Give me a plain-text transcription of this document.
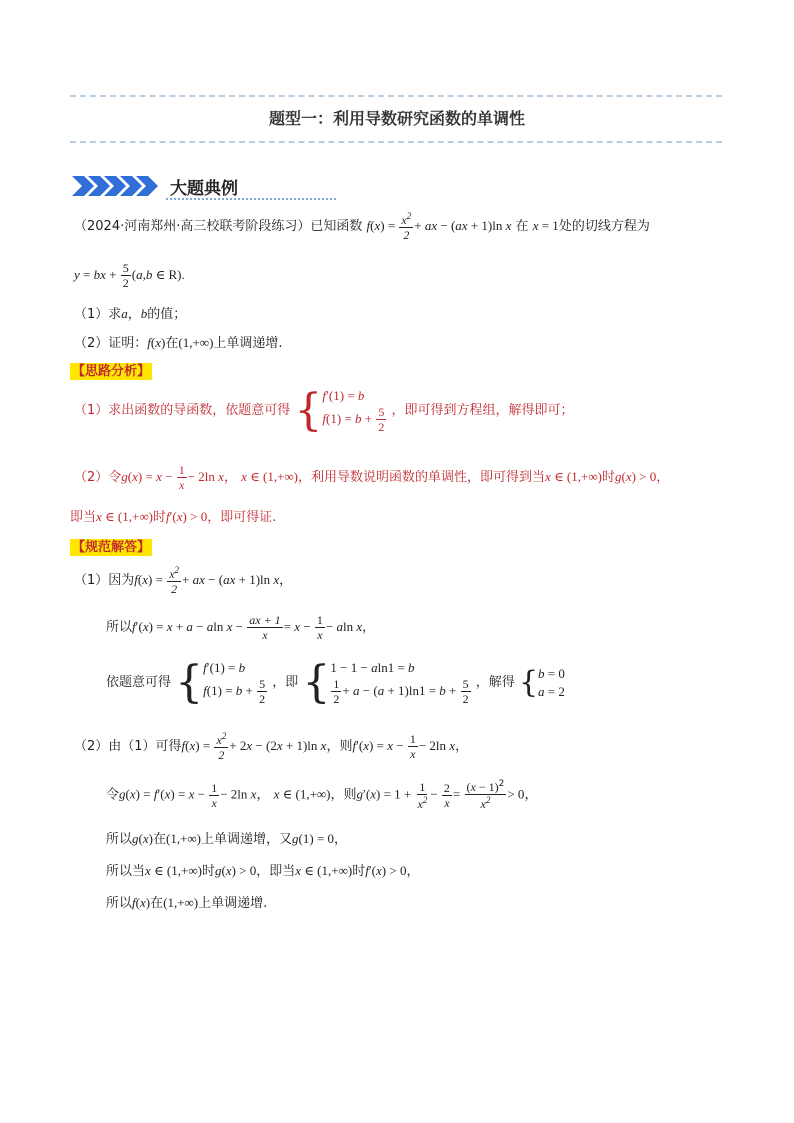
题型一：利用导数研究函数的单调性
大题典例
（2024·河南郑州·高三校联考阶段练习）已知函数 $f(x) = \frac{x^2}{2}$ + ax − (ax + 1)ln x 在 x = 1处的切线方程为
y = bx + $\frac{5}{2} (a,b$ ∈ R).
（1）求a，b的值；
（2）证明：f(x)在(1,+∞)上单调递增.
【思路分析】
（1）求出函数的导函数，依题意可得 { f′(1) = b
$f(1) = b + \frac{5}{2}$ ，即可得到方程组，解得即可；
（2）令$g(x) = x - \frac{1}{x} - 2\ln$ x， x ∈ (1,+∞)，利用导数说明函数的单调性，即可得到当x ∈ (1,+∞)时g(x) > 0，
即当x ∈ (1,+∞)时f′(x) > 0，即可得证.
【规范解答】
（1）因为$f(x) = \frac{x^2}{2}$ + ax − (ax + 1)ln x，
所以f′(x) = x + a − aln $x - \frac{ax + 1}{x} = x - \frac{1}{x} - aln$ x，
依题意可得 { f′(1) = b
$f(1) = b + \frac{5}{2}$ ，即 { 1 − 1 − aln1 = b
$\frac{1}{2} + a - (a + 1)\ln 1 = b + \frac{5}{2}$ ，解得 { b = 0
a = 2
（2）由（1）可得$f(x) = \frac{x^2}{2} + 2x - (2x + 1)\ln$ x，则$f'(x) = x - \frac{1}{x} - 2\ln$ x，
令$g(x) = f'(x) = x - \frac{1}{x} - 2\ln$ x， x ∈ (1,+∞)，则$g'(x) = 1 + \frac{1}{x^2} - \frac{2}{x} = \frac{(x - 1)^2}{x^2} > 0$，
所以g(x)在(1,+∞)上单调递增，又g(1) = 0，
所以当x ∈ (1,+∞)时g(x) > 0，即当x ∈ (1,+∞)时f′(x) > 0，
所以f(x)在(1,+∞)上单调递增.
